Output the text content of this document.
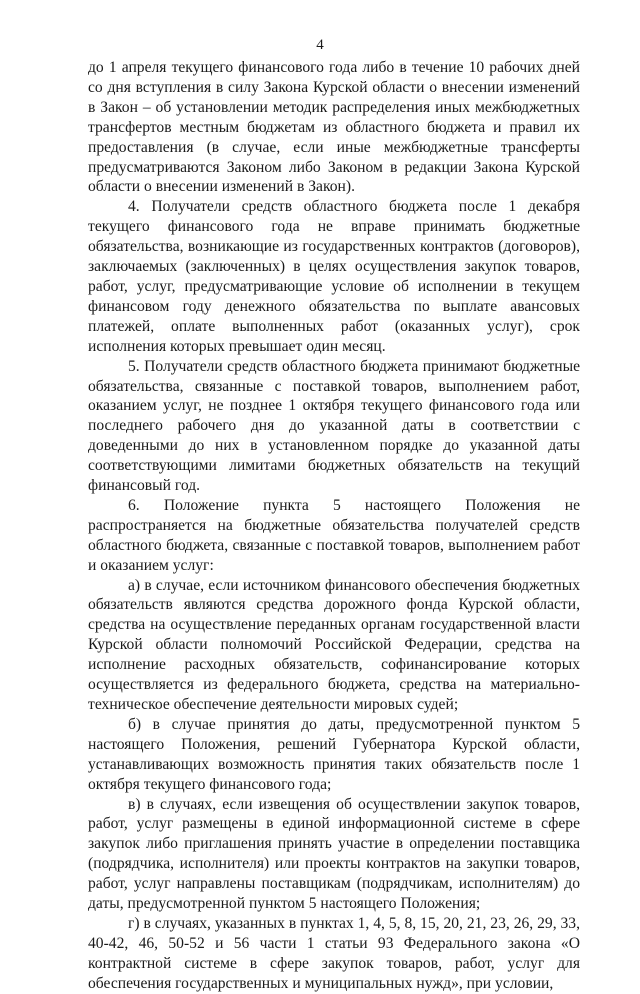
4

до 1 апреля текущего финансового года либо в течение 10 рабочих дней со дня вступления в силу Закона Курской области о внесении изменений в Закон – об установлении методик распределения иных межбюджетных трансфертов местным бюджетам из областного бюджета и правил их предоставления (в случае, если иные межбюджетные трансферты предусматриваются Законом либо Законом в редакции Закона Курской области о внесении изменений в Закон).

4. Получатели средств областного бюджета после 1 декабря текущего финансового года не вправе принимать бюджетные обязательства, возникающие из государственных контрактов (договоров), заключаемых (заключенных) в целях осуществления закупок товаров, работ, услуг, предусматривающие условие об исполнении в текущем финансовом году денежного обязательства по выплате авансовых платежей, оплате выполненных работ (оказанных услуг), срок исполнения которых превышает один месяц.

5. Получатели средств областного бюджета принимают бюджетные обязательства, связанные с поставкой товаров, выполнением работ, оказанием услуг, не позднее 1 октября текущего финансового года или последнего рабочего дня до указанной даты в соответствии с доведенными до них в установленном порядке до указанной даты соответствующими лимитами бюджетных обязательств на текущий финансовый год.

6. Положение пункта 5 настоящего Положения не распространяется на бюджетные обязательства получателей средств областного бюджета, связанные с поставкой товаров, выполнением работ и оказанием услуг:

а) в случае, если источником финансового обеспечения бюджетных обязательств являются средства дорожного фонда Курской области, средства на осуществление переданных органам государственной власти Курской области полномочий Российской Федерации, средства на исполнение расходных обязательств, софинансирование которых осуществляется из федерального бюджета, средства на материально-техническое обеспечение деятельности мировых судей;

б) в случае принятия до даты, предусмотренной пунктом 5 настоящего Положения, решений Губернатора Курской области, устанавливающих возможность принятия таких обязательств после 1 октября текущего финансового года;

в) в случаях, если извещения об осуществлении закупок товаров, работ, услуг размещены в единой информационной системе в сфере закупок либо приглашения принять участие в определении поставщика (подрядчика, исполнителя) или проекты контрактов на закупки товаров, работ, услуг направлены поставщикам (подрядчикам, исполнителям) до даты, предусмотренной пунктом 5 настоящего Положения;

г) в случаях, указанных в пунктах 1, 4, 5, 8, 15, 20, 21, 23, 26, 29, 33, 40-42, 46, 50-52 и 56 части 1 статьи 93 Федерального закона «О контрактной системе в сфере закупок товаров, работ, услуг для обеспечения государственных и муниципальных нужд», при условии,
